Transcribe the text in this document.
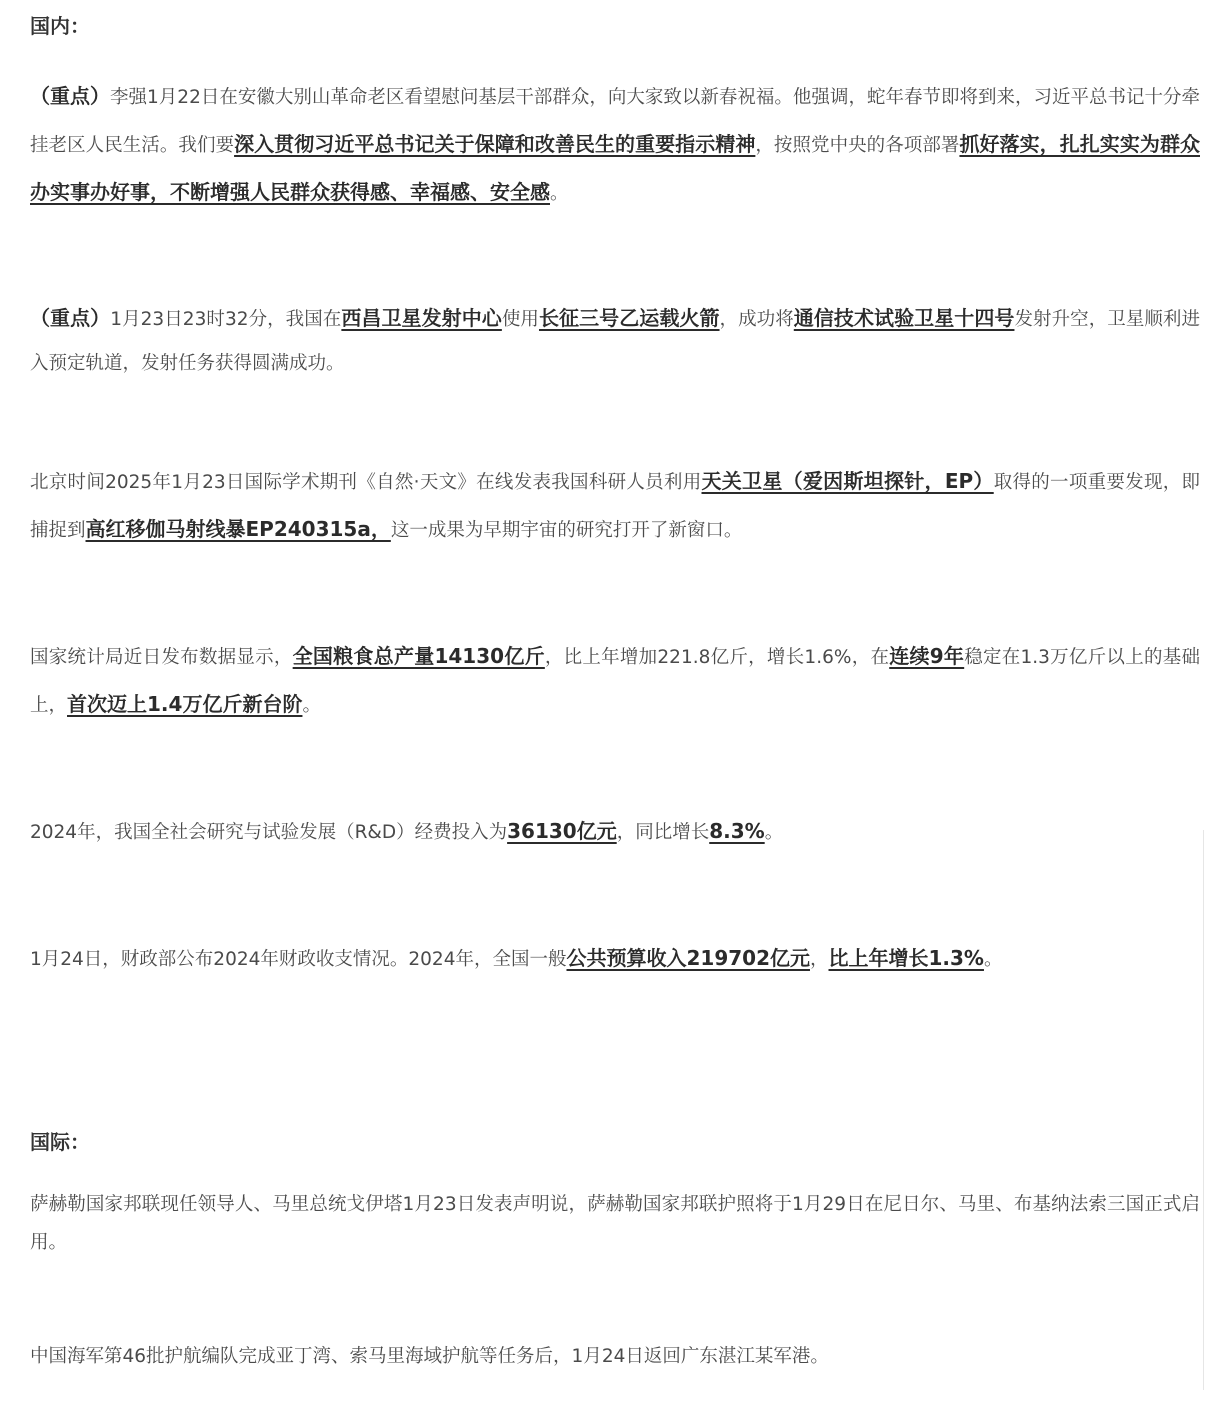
国内：

（重点）李强1月22日在安徽大别山革命老区看望慰问基层干部群众，向大家致以新春祝福。他强调，蛇年春节即将到来，习近平总书记十分牵挂老区人民生活。我们要深入贯彻习近平总书记关于保障和改善民生的重要指示精神，按照党中央的各项部署抓好落实，扎扎实实为群众办实事办好事，不断增强人民群众获得感、幸福感、安全感。

（重点）1月23日23时32分，我国在西昌卫星发射中心使用长征三号乙运载火箭，成功将通信技术试验卫星十四号发射升空，卫星顺利进入预定轨道，发射任务获得圆满成功。

北京时间2025年1月23日国际学术期刊《自然·天文》在线发表我国科研人员利用天关卫星（爱因斯坦探针，EP）取得的一项重要发现，即捕捉到高红移伽马射线暴EP240315a，这一成果为早期宇宙的研究打开了新窗口。

国家统计局近日发布数据显示，全国粮食总产量14130亿斤，比上年增加221.8亿斤，增长1.6%，在连续9年稳定在1.3万亿斤以上的基础上，首次迈上1.4万亿斤新台阶。

2024年，我国全社会研究与试验发展（R&D）经费投入为36130亿元，同比增长8.3%。

1月24日，财政部公布2024年财政收支情况。2024年，全国一般公共预算收入219702亿元，比上年增长1.3%。

国际：

萨赫勒国家邦联现任领导人、马里总统戈伊塔1月23日发表声明说，萨赫勒国家邦联护照将于1月29日在尼日尔、马里、布基纳法索三国正式启用。

中国海军第46批护航编队完成亚丁湾、索马里海域护航等任务后，1月24日返回广东湛江某军港。
